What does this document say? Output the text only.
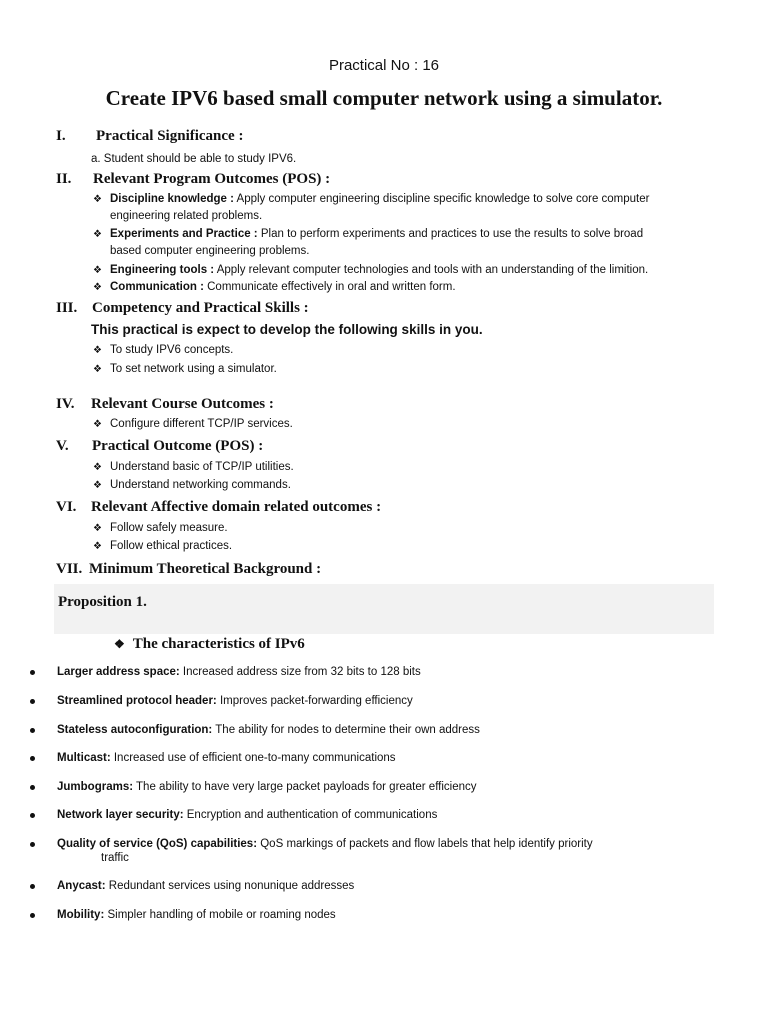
Practical No : 16
Create IPV6 based small computer network using a simulator.
I. Practical Significance :
a. Student should be able to study IPV6.
II. Relevant Program Outcomes (POS) :
❖ Discipline knowledge : Apply computer engineering discipline specific knowledge to solve core computer
engineering related problems.
❖ Experiments and Practice : Plan to perform experiments and practices to use the results to solve broad
based computer engineering problems.
❖ Engineering tools : Apply relevant computer technologies and tools with an understanding of the limition.
❖ Communication : Communicate effectively in oral and written form.
III. Competency and Practical Skills :
This practical is expect to develop the following skills in you.
❖ To study IPV6 concepts.
❖ To set network using a simulator.
IV. Relevant Course Outcomes :
❖ Configure different TCP/IP services.
V. Practical Outcome (POS) :
❖ Understand basic of TCP/IP utilities.
❖ Understand networking commands.
VI. Relevant Affective domain related outcomes :
❖ Follow safely measure.
❖ Follow ethical practices.
VII. Minimum Theoretical Background :
Proposition 1.
❖ The characteristics of IPv6
Larger address space: Increased address size from 32 bits to 128 bits
Streamlined protocol header: Improves packet-forwarding efficiency
Stateless autoconfiguration: The ability for nodes to determine their own address
Multicast: Increased use of efficient one-to-many communications
Jumbograms: The ability to have very large packet payloads for greater efficiency
Network layer security: Encryption and authentication of communications
Quality of service (QoS) capabilities: QoS markings of packets and flow labels that help identify priority
traffic
Anycast: Redundant services using nonunique addresses
Mobility: Simpler handling of mobile or roaming nodes
